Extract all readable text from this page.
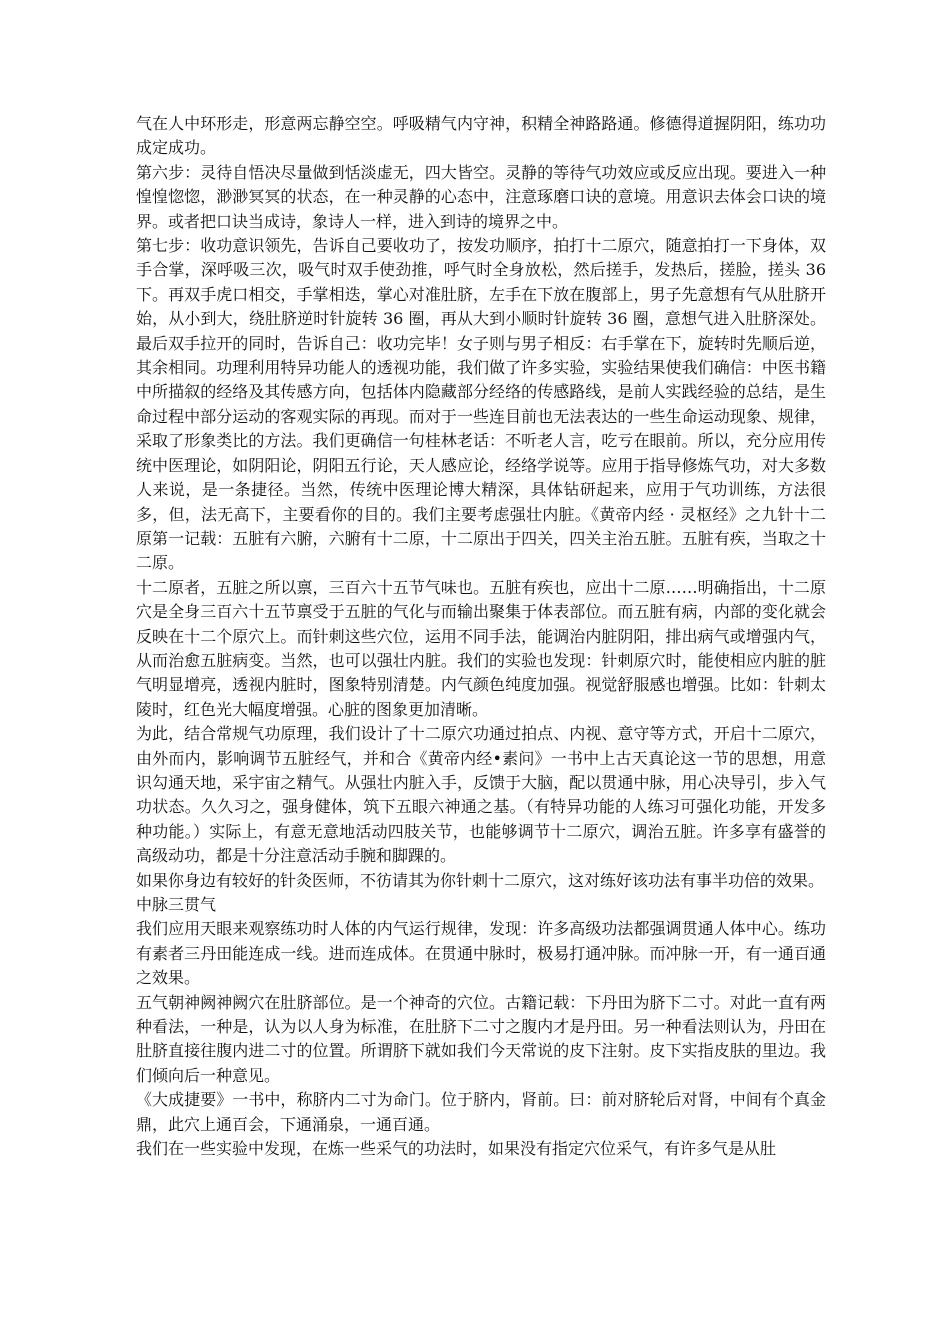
气在人中环形走，形意两忘静空空。呼吸精气内守神，积精全神路路通。修德得道握阴阳，练功功成定成功。

第六步：灵待自悟决尽量做到恬淡虚无，四大皆空。灵静的等待气功效应或反应出现。要进入一种惶惶惚惚，渺渺冥冥的状态，在一种灵静的心态中，注意琢磨口诀的意境。用意识去体会口诀的境界。或者把口诀当成诗，象诗人一样，进入到诗的境界之中。

第七步：收功意识领先，告诉自己要收功了，按发功顺序，拍打十二原穴，随意拍打一下身体，双手合掌，深呼吸三次，吸气时双手使劲推，呼气时全身放松，然后搓手，发热后，搓脸，搓头 36 下。再双手虎口相交，手掌相迭，掌心对准肚脐，左手在下放在腹部上，男子先意想有气从肚脐开始，从小到大，绕肚脐逆时针旋转 36 圈，再从大到小顺时针旋转 36 圈，意想气进入肚脐深处。最后双手拉开的同时，告诉自己：收功完毕！女子则与男子相反：右手掌在下，旋转时先顺后逆，其余相同。功理利用特异功能人的透视功能，我们做了许多实验，实验结果使我们确信：中医书籍中所描叙的经络及其传感方向，包括体内隐藏部分经络的传感路线，是前人实践经验的总结，是生命过程中部分运动的客观实际的再现。而对于一些连目前也无法表达的一些生命运动现象、规律，采取了形象类比的方法。我们更确信一句桂林老话：不听老人言，吃亏在眼前。所以，充分应用传统中医理论，如阴阳论，阴阳五行论，天人感应论，经络学说等。应用于指导修炼气功，对大多数人来说，是一条捷径。当然，传统中医理论博大精深，具体钻研起来，应用于气功训练，方法很多，但，法无高下，主要看你的目的。我们主要考虑强壮内脏。《黄帝内经 · 灵枢经》之九针十二原第一记载：五脏有六腑，六腑有十二原，十二原出于四关，四关主治五脏。五脏有疾，当取之十二原。

十二原者，五脏之所以禀，三百六十五节气味也。五脏有疾也，应出十二原……明确指出，十二原穴是全身三百六十五节禀受于五脏的气化与而输出聚集于体表部位。而五脏有病，内部的变化就会反映在十二个原穴上。而针刺这些穴位，运用不同手法，能调治内脏阴阳，排出病气或增强内气，从而治愈五脏病变。当然，也可以强壮内脏。我们的实验也发现：针刺原穴时，能使相应内脏的脏气明显增亮，透视内脏时，图象特别清楚。内气颜色纯度加强。视觉舒服感也增强。比如：针刺太陵时，红色光大幅度增强。心脏的图象更加清晰。

为此，结合常规气功原理，我们设计了十二原穴功通过拍点、内视、意守等方式，开启十二原穴，由外而内，影响调节五脏经气，并和合《黄帝内经•素问》一书中上古天真论这一节的思想，用意识勾通天地，采宇宙之精气。从强壮内脏入手，反馈于大脑，配以贯通中脉，用心决导引，步入气功状态。久久习之，强身健体，筑下五眼六神通之基。（有特异功能的人练习可强化功能，开发多种功能。）实际上，有意无意地活动四肢关节，也能够调节十二原穴，调治五脏。许多享有盛誉的高级动功，都是十分注意活动手腕和脚踝的。

如果你身边有较好的针灸医师，不彷请其为你针刺十二原穴，这对练好该功法有事半功倍的效果。

中脉三贯气

我们应用天眼来观察练功时人体的内气运行规律，发现：许多高级功法都强调贯通人体中心。练功有素者三丹田能连成一线。进而连成体。在贯通中脉时，极易打通冲脉。而冲脉一开，有一通百通之效果。

五气朝神阙神阙穴在肚脐部位。是一个神奇的穴位。古籍记载：下丹田为脐下二寸。对此一直有两种看法，一种是，认为以人身为标准，在肚脐下二寸之腹内才是丹田。另一种看法则认为，丹田在肚脐直接往腹内进二寸的位置。所谓脐下就如我们今天常说的皮下注射。皮下实指皮肤的里边。我们倾向后一种意见。

《大成捷要》一书中，称脐内二寸为命门。位于脐内，肾前。曰：前对脐轮后对肾，中间有个真金鼎，此穴上通百会，下通涌泉，一通百通。

我们在一些实验中发现，在炼一些采气的功法时，如果没有指定穴位采气，有许多气是从肚
